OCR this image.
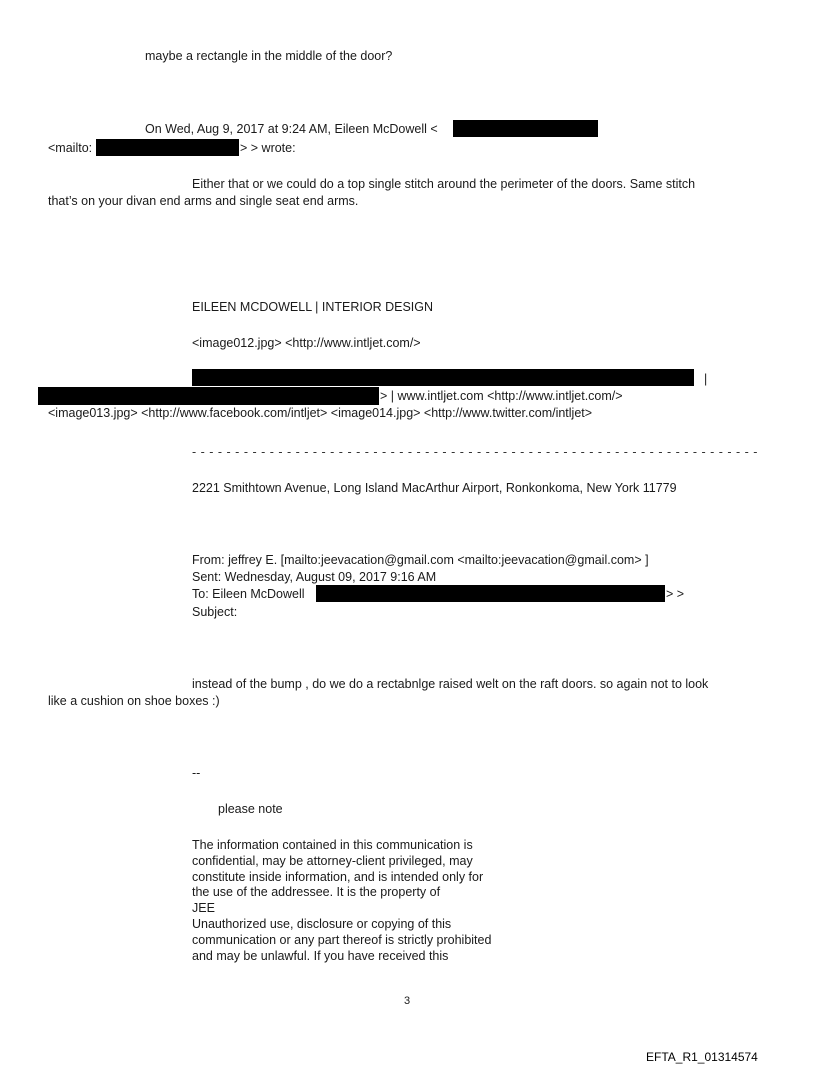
maybe a rectangle in the middle of the door?
On Wed, Aug 9, 2017 at 9:24 AM, Eileen McDowell <
<mailto:	> > wrote:
Either that or we could do a top single stitch around the perimeter of the doors. Same stitch
that’s on your divan end arms and single seat end arms.
EILEEN MCDOWELL | INTERIOR DESIGN
<image012.jpg> <http://www.intljet.com/>
|
> | www.intljet.com <http://www.intljet.com/>
<image013.jpg> <http://www.facebook.com/intljet> <image014.jpg> <http://www.twitter.com/intljet>
- - - - - - - - - - - - - - - - - - - - - - - - - - - - - - - - - - - - - - - - - - - - - - - - - - - - - - - - - - - - - - - - - -
2221 Smithtown Avenue, Long Island MacArthur Airport, Ronkonkoma, New York 11779
From: jeffrey E. [mailto:jeevacation@gmail.com <mailto:jeevacation@gmail.com> ]
Sent: Wednesday, August 09, 2017 9:16 AM
To: Eileen McDowell	> >
Subject:
instead of the bump , do we do a rectabnlge raised welt on the raft doors. so again not to look
like a cushion on shoe boxes :)
--
please note
The information contained in this communication is
confidential, may be attorney-client privileged, may
constitute inside information, and is intended only for
the use of the addressee. It is the property of
JEE
Unauthorized use, disclosure or copying of this
communication or any part thereof is strictly prohibited
and may be unlawful. If you have received this
3
EFTA_R1_01314574
